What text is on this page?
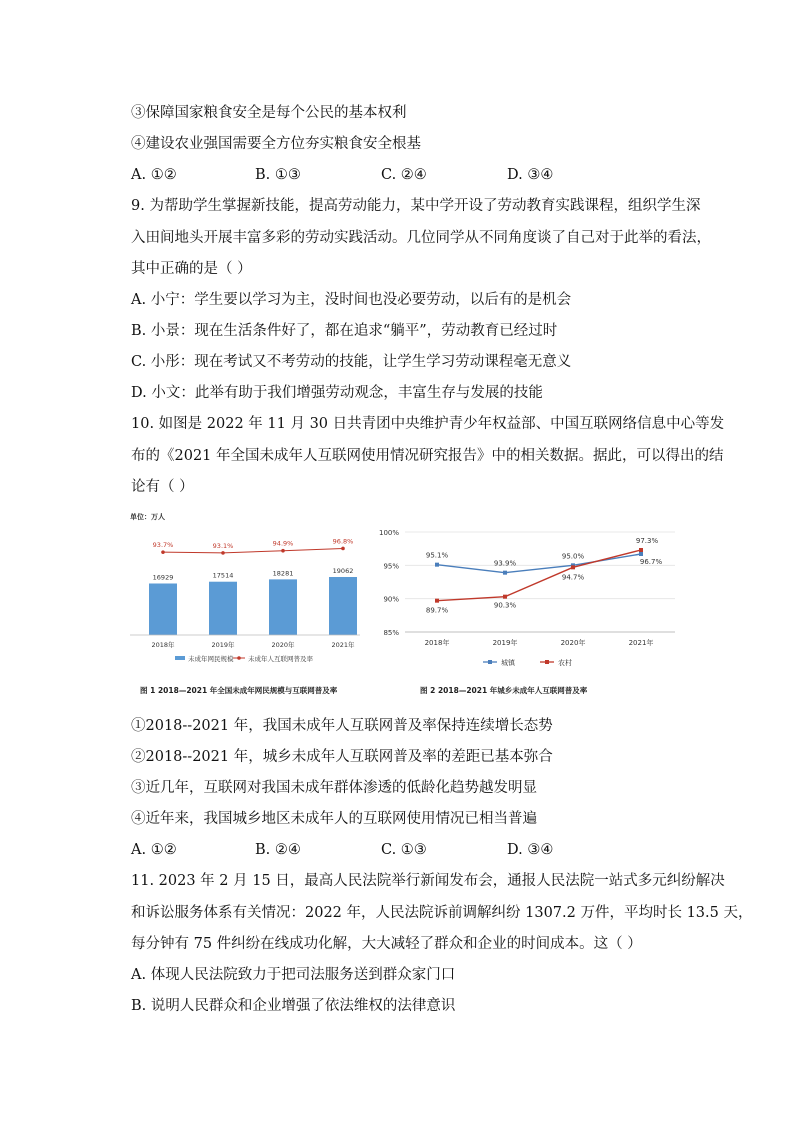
③保障国家粮食安全是每个公民的基本权利
④建设农业强国需要全方位夯实粮食安全根基
A. ①②	B. ①③	C. ②④	D. ③④
9. 为帮助学生掌握新技能，提高劳动能力，某中学开设了劳动教育实践课程，组织学生深
入田间地头开展丰富多彩的劳动实践活动。几位同学从不同角度谈了自己对于此举的看法，
其中正确的是（ ）
A. 小宁：学生要以学习为主，没时间也没必要劳动，以后有的是机会
B. 小景：现在生活条件好了，都在追求“躺平”，劳动教育已经过时
C. 小彤：现在考试又不考劳动的技能，让学生学习劳动课程毫无意义
D. 小文：此举有助于我们增强劳动观念，丰富生存与发展的技能
10. 如图是 2022 年 11 月 30 日共青团中央维护青少年权益部、中国互联网络信息中心等发
布的《2021 年全国未成年人互联网使用情况研究报告》中的相关数据。据此，可以得出的结
论有（ ）
单位：万人
93.7%	93.1%	94.9%	96.8%
16929	17514	18281	19062
2018年	2019年	2020年	2021年
未成年网民规模 未成年人互联网普及率
图 1 2018—2021 年全国未成年网民规模与互联网普及率
100%
95%
90%
85%
95.1%
93.9%
95.0%
96.7%
89.7%
90.3%
94.7%
97.3%
2018年	2019年	2020年	2021年
城镇	农村
图 2 2018—2021 年城乡未成年人互联网普及率
①2018--2021 年，我国未成年人互联网普及率保持连续增长态势
②2018--2021 年，城乡未成年人互联网普及率的差距已基本弥合
③近几年，互联网对我国未成年群体渗透的低龄化趋势越发明显
④近年来，我国城乡地区未成年人的互联网使用情况已相当普遍
A. ①②	B. ②④	C. ①③	D. ③④
11. 2023 年 2 月 15 日，最高人民法院举行新闻发布会，通报人民法院一站式多元纠纷解决
和诉讼服务体系有关情况：2022 年，人民法院诉前调解纠纷 1307.2 万件，平均时长 13.5 天，
每分钟有 75 件纠纷在线成功化解，大大减轻了群众和企业的时间成本。这（ ）
A. 体现人民法院致力于把司法服务送到群众家门口
B. 说明人民群众和企业增强了依法维权的法律意识
